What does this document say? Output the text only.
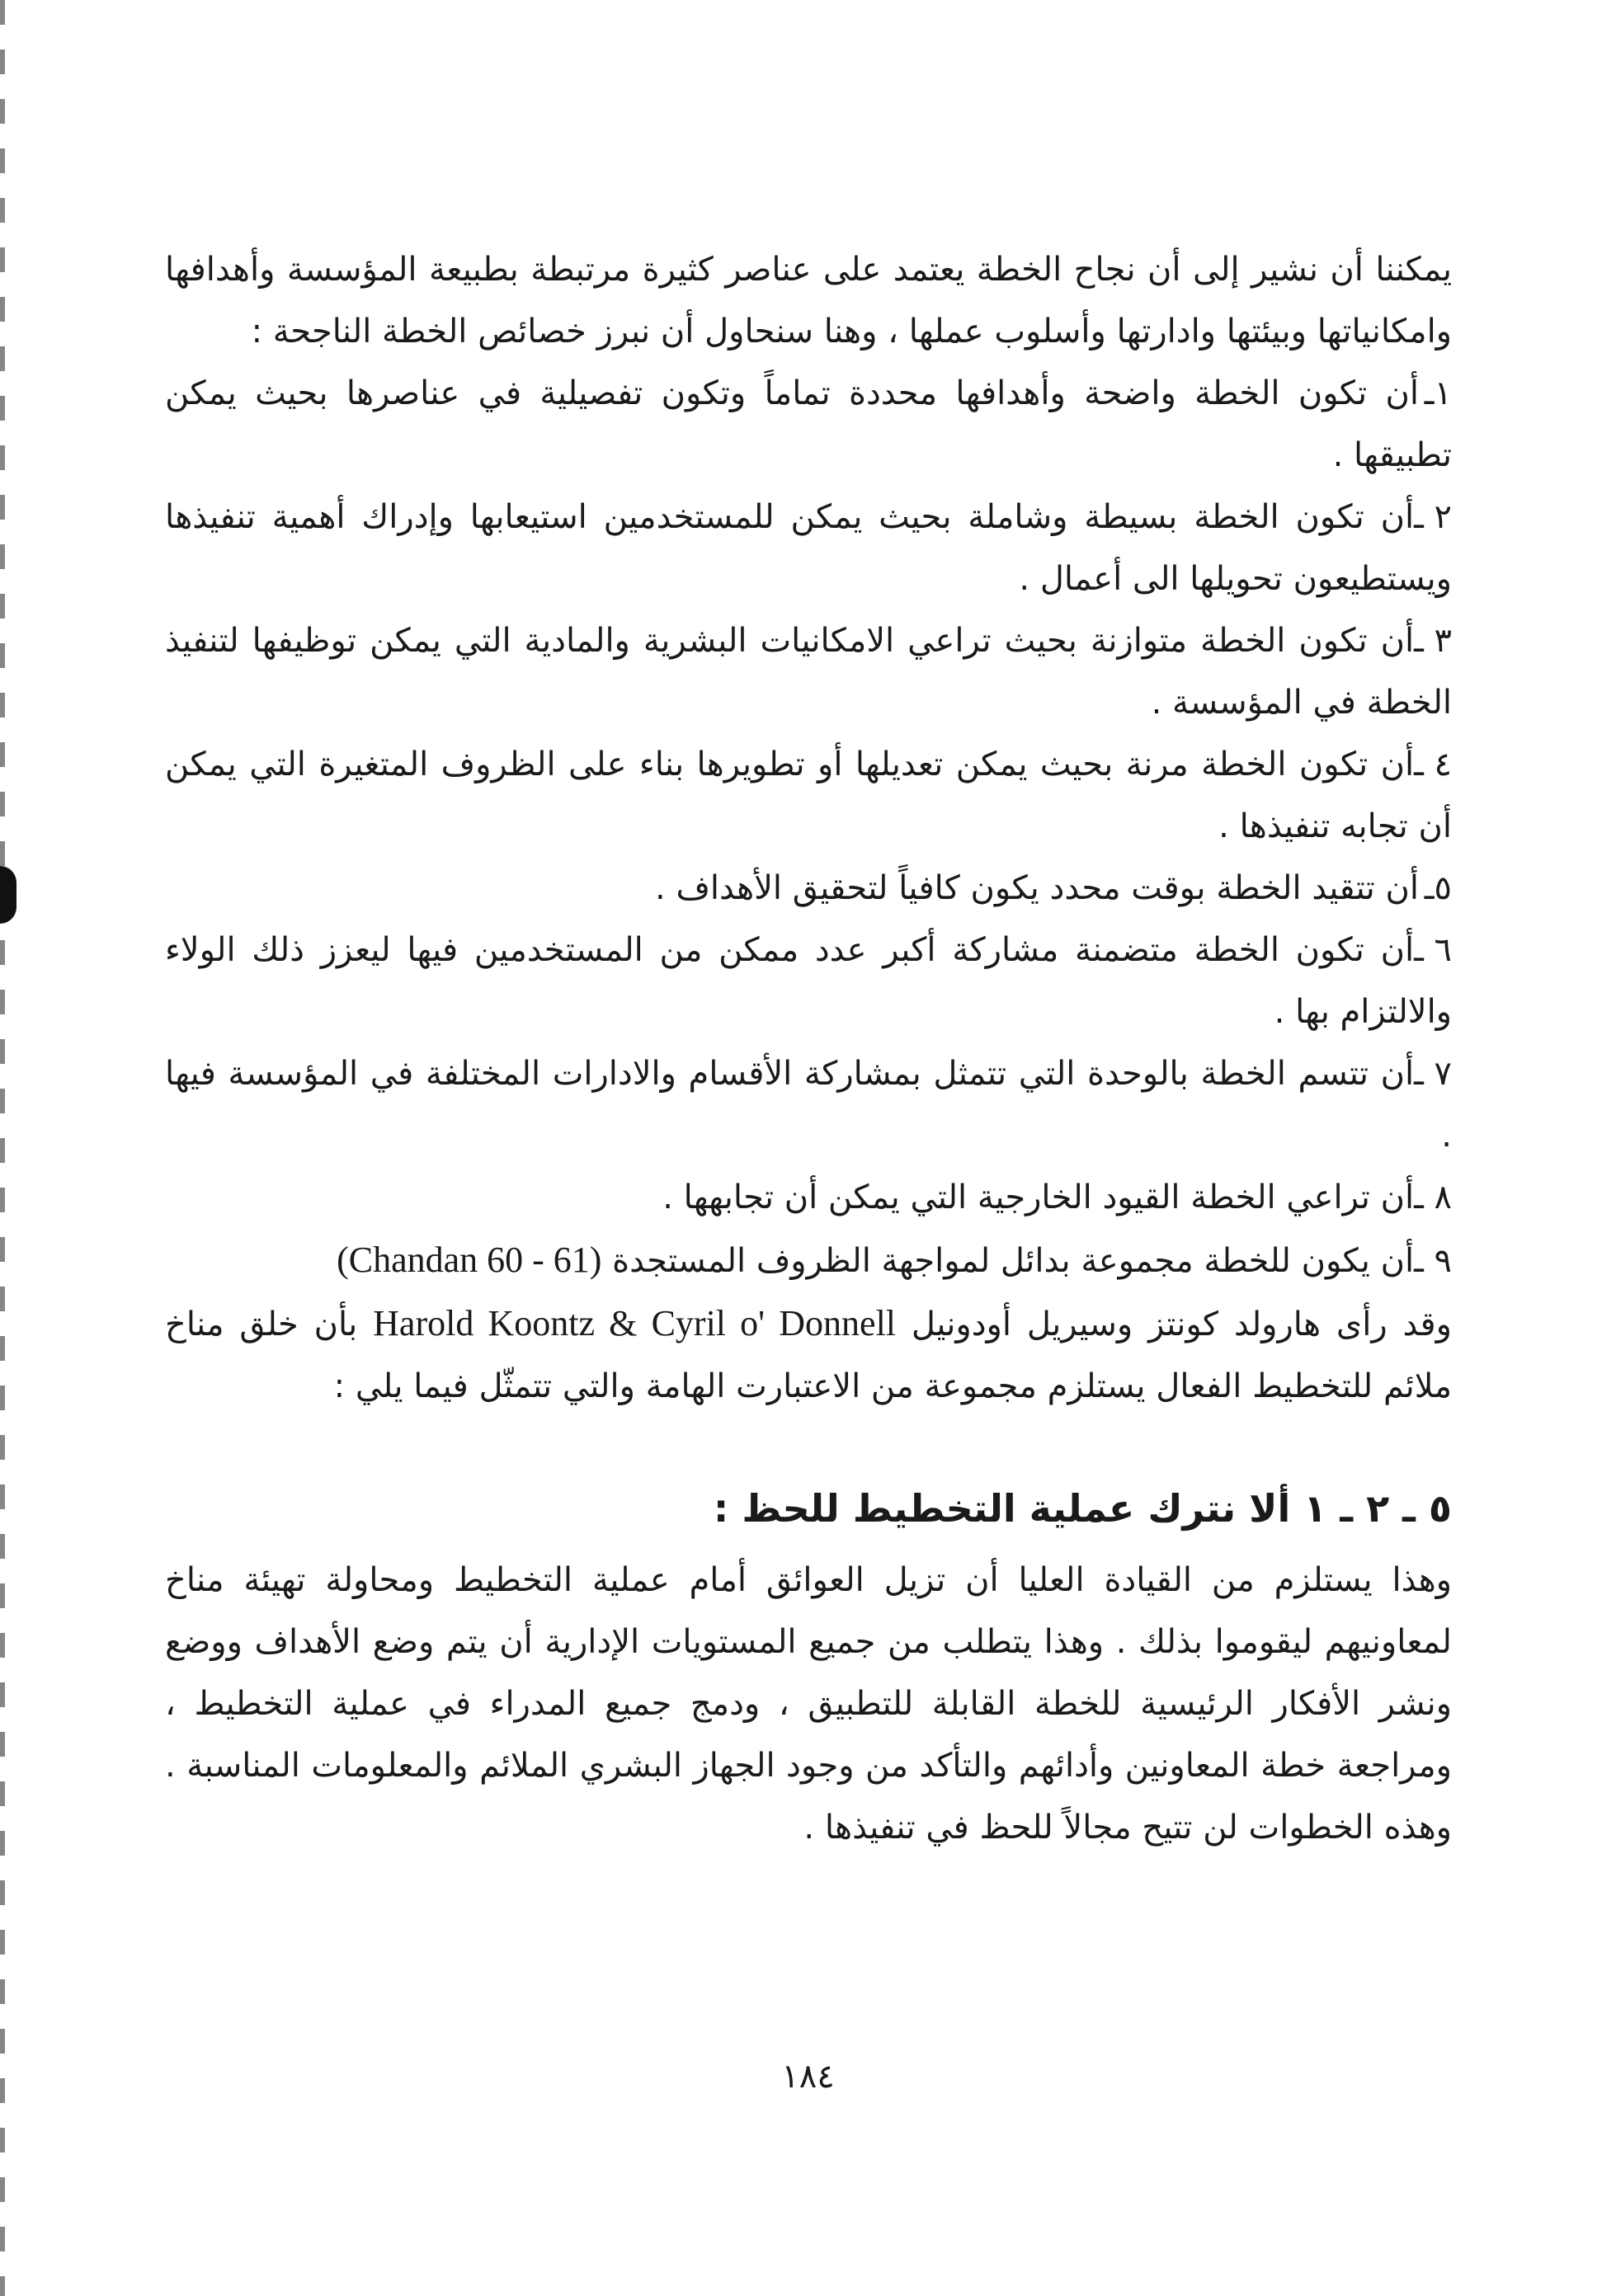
يمكننا أن نشير إلى أن نجاح الخطة يعتمد على عناصر كثيرة مرتبطة بطبيعة المؤسسة وأهدافها وامكانياتها وبيئتها وادارتها وأسلوب عملها ، وهنا سنحاول أن نبرز خصائص الخطة الناجحة :

١ـأن تكون الخطة واضحة وأهدافها محددة تماماً وتكون تفصيلية في عناصرها بحيث يمكن تطبيقها .
٢ ـأن تكون الخطة بسيطة وشاملة بحيث يمكن للمستخدمين استيعابها وإدراك أهمية تنفيذها ويستطيعون تحويلها الى أعمال .
٣ ـأن تكون الخطة متوازنة بحيث تراعي الامكانيات البشرية والمادية التي يمكن توظيفها لتنفيذ الخطة في المؤسسة .
٤ ـأن تكون الخطة مرنة بحيث يمكن تعديلها أو تطويرها بناء على الظروف المتغيرة التي يمكن أن تجابه تنفيذها .
٥ـأن تتقيد الخطة بوقت محدد يكون كافياً لتحقيق الأهداف .
٦ ـأن تكون الخطة متضمنة مشاركة أكبر عدد ممكن من المستخدمين فيها ليعزز ذلك الولاء والالتزام بها .
٧ ـأن تتسم الخطة بالوحدة التي تتمثل بمشاركة الأقسام والادارات المختلفة في المؤسسة فيها .
٨ ـأن تراعي الخطة القيود الخارجية التي يمكن أن تجابهها .
٩ ـأن يكون للخطة مجموعة بدائل لمواجهة الظروف المستجدة (Chandan 60 - 61)

وقد رأى هارولد كونتز وسيريل أودونيل Harold Koontz & Cyril o' Donnell بأن خلق مناخ ملائم للتخطيط الفعال يستلزم مجموعة من الاعتبارت الهامة والتي تتمثّل فيما يلي :

٥ ـ ٢ ـ ١ ألا نترك عملية التخطيط للحظ :

وهذا يستلزم من القيادة العليا أن تزيل العوائق أمام عملية التخطيط ومحاولة تهيئة مناخ لمعاونيهم ليقوموا بذلك . وهذا يتطلب من جميع المستويات الإدارية أن يتم وضع الأهداف ووضع ونشر الأفكار الرئيسية للخطة القابلة للتطبيق ، ودمج جميع المدراء في عملية التخطيط ، ومراجعة خطة المعاونين وأدائهم والتأكد من وجود الجهاز البشري الملائم والمعلومات المناسبة . وهذه الخطوات لن تتيح مجالاً للحظ في تنفيذها .

١٨٤
